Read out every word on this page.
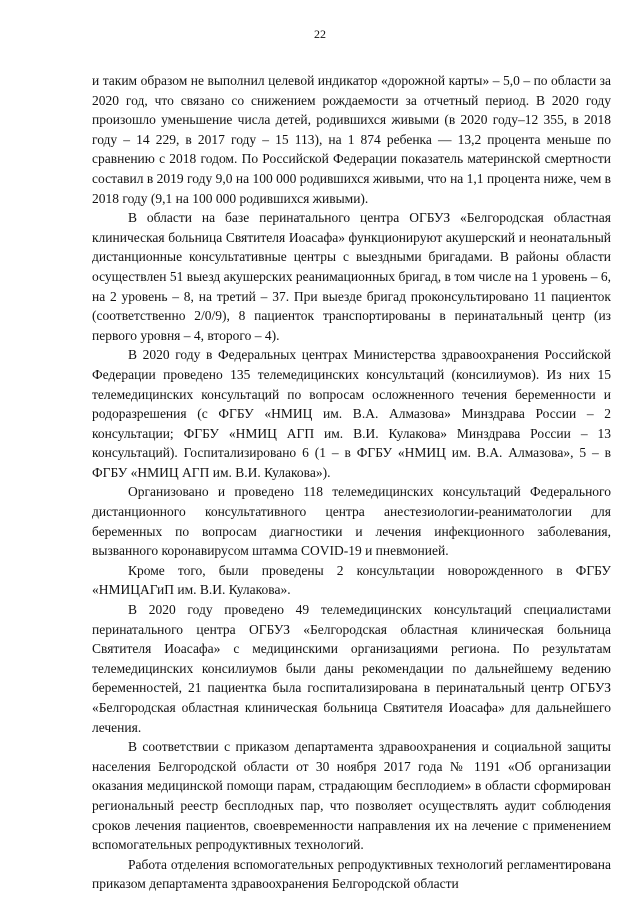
22

и таким образом не выполнил целевой индикатор «дорожной карты» – 5,0 – по области за 2020 год, что связано со снижением рождаемости за отчетный период. В 2020 году произошло уменьшение числа детей, родившихся живыми (в 2020 году–12 355, в 2018 году – 14 229, в 2017 году – 15 113), на 1 874 ребенка — 13,2 процента меньше по сравнению с 2018 годом. По Российской Федерации показатель материнской смертности составил в 2019 году 9,0 на 100 000 родившихся живыми, что на 1,1 процента ниже, чем в 2018 году (9,1 на 100 000 родившихся живыми).

В области на базе перинатального центра ОГБУЗ «Белгородская областная клиническая больница Святителя Иоасафа» функционируют акушерский и неонатальный дистанционные консультативные центры с выездными бригадами. В районы области осуществлен 51 выезд акушерских реанимационных бригад, в том числе на 1 уровень – 6, на 2 уровень – 8, на третий – 37. При выезде бригад проконсультировано 11 пациенток (соответственно 2/0/9), 8 пациенток транспортированы в перинатальный центр (из первого уровня – 4, второго – 4).

В 2020 году в Федеральных центрах Министерства здравоохранения Российской Федерации проведено 135 телемедицинских консультаций (консилиумов). Из них 15 телемедицинских консультаций по вопросам осложненного течения беременности и родоразрешения (с ФГБУ «НМИЦ им. В.А. Алмазова» Минздрава России – 2 консультации; ФГБУ «НМИЦ АГП им. В.И. Кулакова» Минздрава России – 13 консультаций). Госпитализировано 6 (1 – в ФГБУ «НМИЦ им. В.А. Алмазова», 5 – в ФГБУ «НМИЦ АГП им. В.И. Кулакова»).

Организовано и проведено 118 телемедицинских консультаций Федерального дистанционного консультативного центра анестезиологии-реаниматологии для беременных по вопросам диагностики и лечения инфекционного заболевания, вызванного коронавирусом штамма COVID-19 и пневмонией.

Кроме того, были проведены 2 консультации новорожденного в ФГБУ «НМИЦАГиП им. В.И. Кулакова».

В 2020 году проведено 49 телемедицинских консультаций специалистами перинатального центра ОГБУЗ «Белгородская областная клиническая больница Святителя Иоасафа» с медицинскими организациями региона. По результатам телемедицинских консилиумов были даны рекомендации по дальнейшему ведению беременностей, 21 пациентка была госпитализирована в перинатальный центр ОГБУЗ «Белгородская областная клиническая больница Святителя Иоасафа» для дальнейшего лечения.

В соответствии с приказом департамента здравоохранения и социальной защиты населения Белгородской области от 30 ноября 2017 года № 1191 «Об организации оказания медицинской помощи парам, страдающим бесплодием» в области сформирован региональный реестр бесплодных пар, что позволяет осуществлять аудит соблюдения сроков лечения пациентов, своевременности направления их на лечение с применением вспомогательных репродуктивных технологий.

Работа отделения вспомогательных репродуктивных технологий регламентирована приказом департамента здравоохранения Белгородской области
